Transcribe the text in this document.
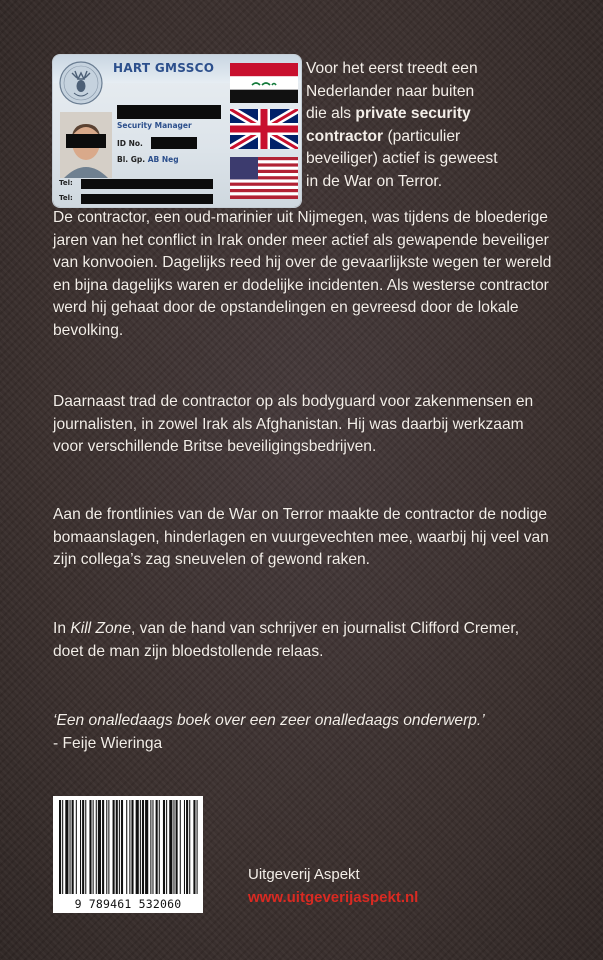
HART GMSSCO
Security Manager
ID No.
Bl. Gp. AB Neg
Tel:
Tel:
Voor het eerst treedt een
Nederlander naar buiten
die als private security
contractor (particulier
beveiliger) actief is geweest
in de War on Terror.
De contractor, een oud-marinier uit Nijmegen, was tijdens de bloederige jaren van het conflict in Irak onder meer actief als gewapende beveiliger van konvooien. Dagelijks reed hij over de gevaarlijkste wegen ter wereld en bijna dagelijks waren er dodelijke incidenten. Als westerse contractor werd hij gehaat door de opstandelingen en gevreesd door de lokale bevolking.
Daarnaast trad de contractor op als bodyguard voor zakenmensen en journalisten, in zowel Irak als Afghanistan. Hij was daarbij werkzaam voor verschillende Britse beveiligingsbedrijven.
Aan de frontlinies van de War on Terror maakte de contractor de nodige bomaanslagen, hinderlagen en vuurgevechten mee, waarbij hij veel van zijn collega’s zag sneuvelen of gewond raken.
In Kill Zone, van de hand van schrijver en journalist Clifford Cremer, doet de man zijn bloedstollende relaas.
‘Een onalledaags boek over een zeer onalledaags onderwerp.’
- Feije Wieringa
9 789461 532060
Uitgeverij Aspekt
www.uitgeverijaspekt.nl
